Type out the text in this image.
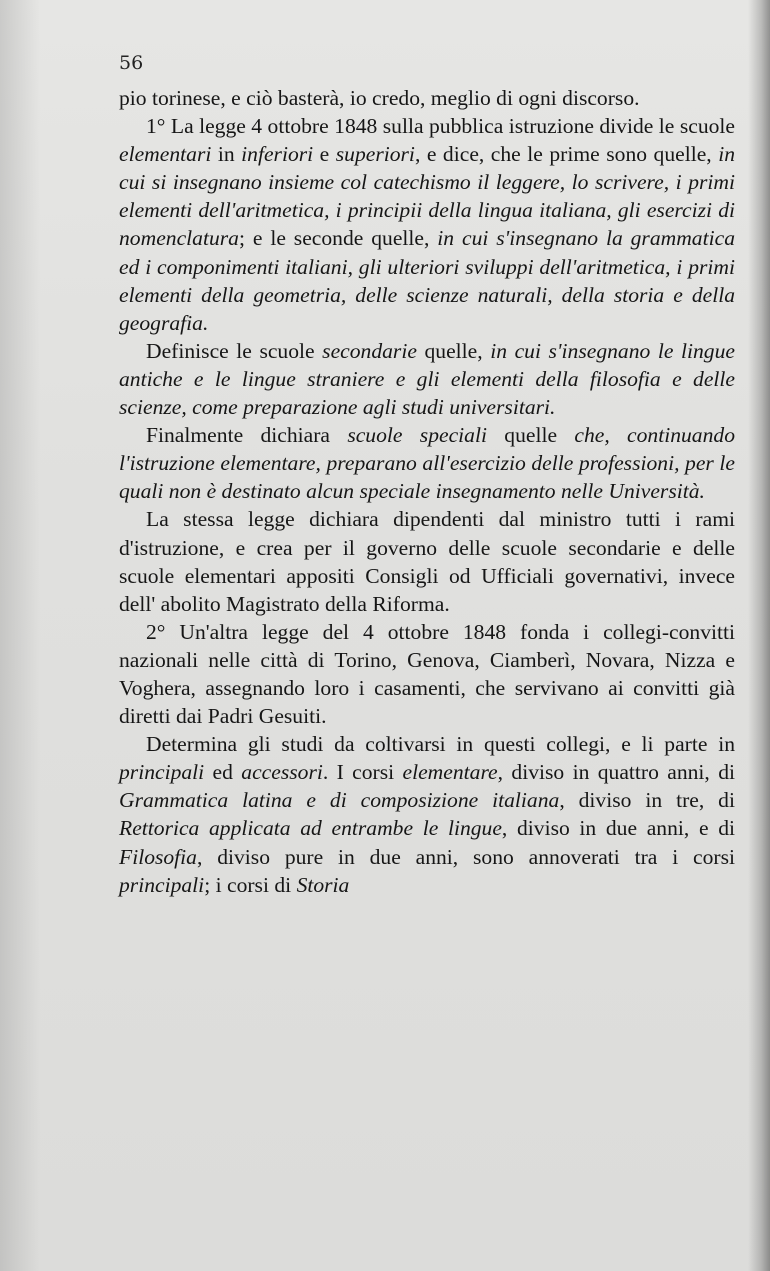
56

pio torinese, e ciò basterà, io credo, meglio di ogni discorso.

1° La legge 4 ottobre 1848 sulla pubblica istruzione divide le scuole elementari in inferiori e superiori, e dice, che le prime sono quelle, in cui si insegnano insieme col catechismo il leggere, lo scrivere, i primi elementi dell'aritmetica, i principii della lingua italiana, gli esercizi di nomenclatura; e le seconde quelle, in cui s'insegnano la grammatica ed i componimenti italiani, gli ulteriori sviluppi dell'aritmetica, i primi elementi della geometria, delle scienze naturali, della storia e della geografia.

Definisce le scuole secondarie quelle, in cui s'insegnano le lingue antiche e le lingue straniere e gli elementi della filosofia e delle scienze, come preparazione agli studi universitari.

Finalmente dichiara scuole speciali quelle che, continuando l'istruzione elementare, preparano all'esercizio delle professioni, per le quali non è destinato alcun speciale insegnamento nelle Università.

La stessa legge dichiara dipendenti dal ministro tutti i rami d'istruzione, e crea per il governo delle scuole secondarie e delle scuole elementari appositi Consigli od Ufficiali governativi, invece dell' abolito Magistrato della Riforma.

2° Un'altra legge del 4 ottobre 1848 fonda i collegi-convitti nazionali nelle città di Torino, Genova, Ciamberì, Novara, Nizza e Voghera, assegnando loro i casamenti, che servivano ai convitti già diretti dai Padri Gesuiti.

Determina gli studi da coltivarsi in questi collegi, e li parte in principali ed accessori. I corsi elementare, diviso in quattro anni, di Grammatica latina e di composizione italiana, diviso in tre, di Rettorica applicata ad entrambe le lingue, diviso in due anni, e di Filosofia, diviso pure in due anni, sono annoverati tra i corsi principali; i corsi di Storia
